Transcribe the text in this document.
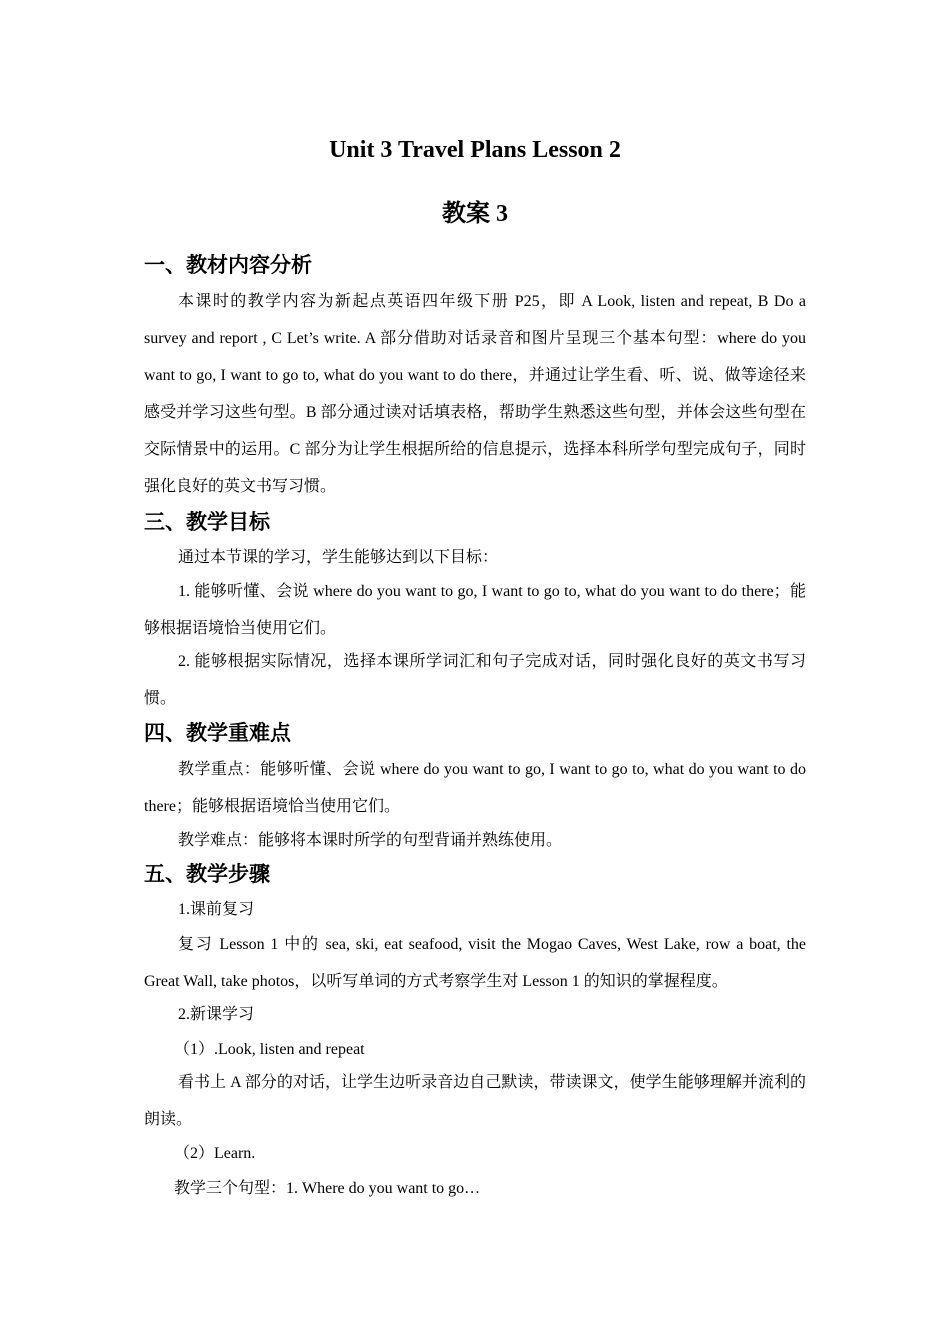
Unit 3 Travel Plans Lesson 2
教案 3
一、教材内容分析

本课时的教学内容为新起点英语四年级下册 P25，即 A Look, listen and repeat, B Do a survey and report , C Let’s write. A 部分借助对话录音和图片呈现三个基本句型：where do you want to go, I want to go to, what do you want to do there，并通过让学生看、听、说、做等途径来感受并学习这些句型。B 部分通过读对话填表格，帮助学生熟悉这些句型，并体会这些句型在交际情景中的运用。C 部分为让学生根据所给的信息提示，选择本科所学句型完成句子，同时强化良好的英文书写习惯。

三、教学目标

通过本节课的学习，学生能够达到以下目标：

1. 能够听懂、会说 where do you want to go, I want to go to, what do you want to do there；能够根据语境恰当使用它们。

2. 能够根据实际情况，选择本课所学词汇和句子完成对话，同时强化良好的英文书写习惯。

四、教学重难点

教学重点：能够听懂、会说 where do you want to go, I want to go to, what do you want to do there；能够根据语境恰当使用它们。

教学难点：能够将本课时所学的句型背诵并熟练使用。

五、教学步骤

1.课前复习

复习 Lesson 1 中的 sea, ski, eat seafood, visit the Mogao Caves, West Lake, row a boat, the Great Wall, take photos，以听写单词的方式考察学生对 Lesson 1 的知识的掌握程度。

2.新课学习

（1）.Look, listen and repeat

看书上 A 部分的对话，让学生边听录音边自己默读，带读课文，使学生能够理解并流利的朗读。

（2）Learn.

教学三个句型：1. Where do you want to go…
